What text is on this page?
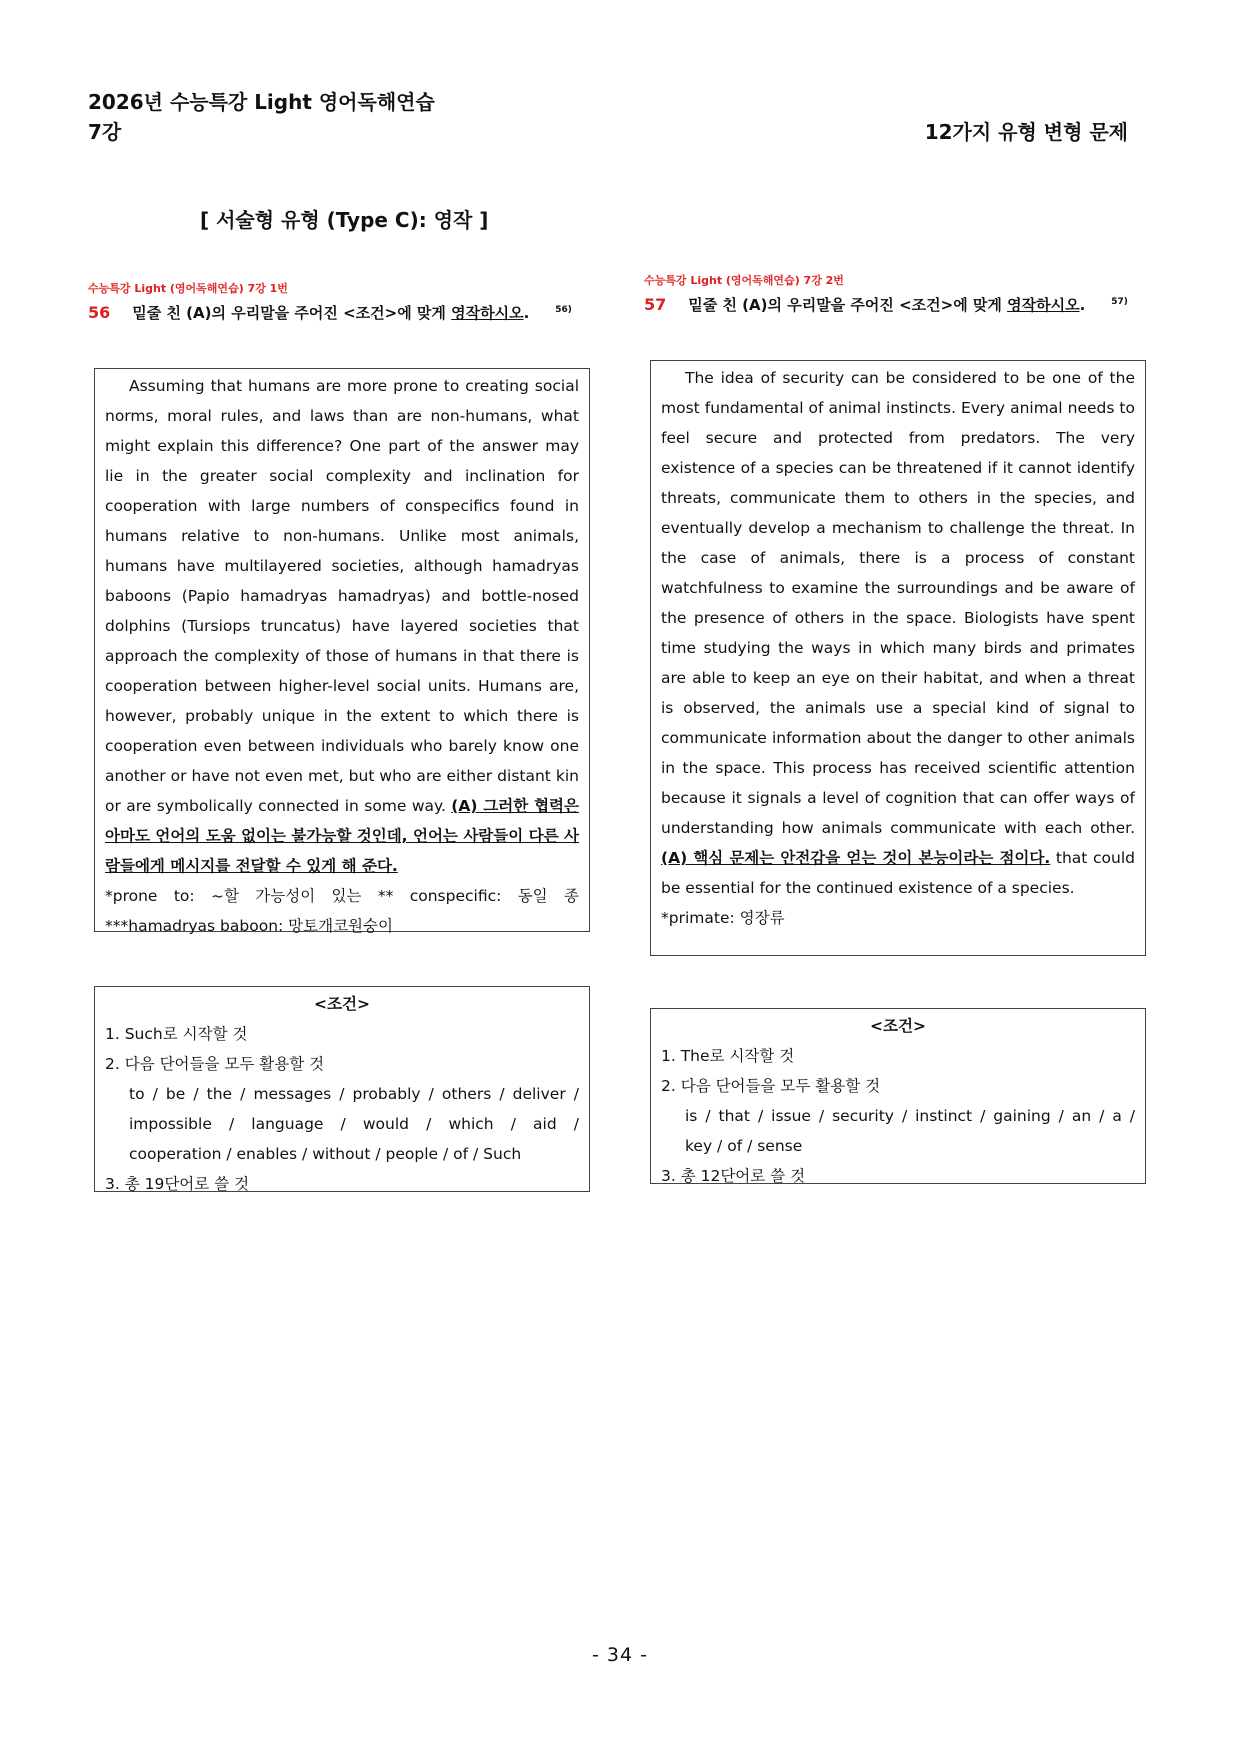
2026년 수능특강 Light 영어독해연습
7강	12가지 유형 변형 문제
[ 서술형 유형 (Type C): 영작 ]
수능특강 Light (영어독해연습) 7강 1번
56 밑줄 친 (A)의 우리말을 주어진 <조건>에 맞게 영작하시오.	$^{56)}$
Assuming that humans are more prone to creating social norms, moral rules, and laws than are non-humans, what might explain this difference? One part of the answer may lie in the greater social complexity and inclination for cooperation with large numbers of conspecifics found in humans relative to non-humans. Unlike most animals, humans have multilayered societies, although hamadryas baboons (Papio hamadryas hamadryas) and bottle-nosed dolphins (Tursiops truncatus) have layered societies that approach the complexity of those of humans in that there is cooperation between higher-level social units. Humans are, however, probably unique in the extent to which there is cooperation even between individuals who barely know one another or have not even met, but who are either distant kin or are symbolically connected in some way. (A) 그러한 협력은 아마도 언어의 도움 없이는 불가능할 것인데, 언어는 사람들이 다른 사람들에게 메시지를 전달할 수 있게 해 준다.

*prone to: ~할 가능성이 있는 ** conspecific: 동일 종
***hamadryas baboon: 망토개코원숭이
<조건>
1. Such로 시작할 것
2. 다음 단어들을 모두 활용할 것
to / be / the / messages / probably / others / deliver /
impossible / language / would / which / aid /
cooperation / enables / without / people / of / Such
3. 총 19단어로 쓸 것
수능특강 Light (영어독해연습) 7강 2번
57 밑줄 친 (A)의 우리말을 주어진 <조건>에 맞게 영작하시오.	$^{57)}$
The idea of security can be considered to be one of the most fundamental of animal instincts. Every animal needs to feel secure and protected from predators. The very existence of a species can be threatened if it cannot identify threats, communicate them to others in the species, and eventually develop a mechanism to challenge the threat. In the case of animals, there is a process of constant watchfulness to examine the surroundings and be aware of the presence of others in the space. Biologists have spent time studying the ways in which many birds and primates are able to keep an eye on their habitat, and when a threat is observed, the animals use a special kind of signal to communicate information about the danger to other animals in the space. This process has received scientific attention because it signals a level of cognition that can offer ways of understanding how animals communicate with each other. (A) 핵심 문제는 안전감을 얻는 것이 본능이라는 점이다. that could be essential for the continued existence of a species.

*primate: 영장류
<조건>
1. The로 시작할 것
2. 다음 단어들을 모두 활용할 것
is / that / issue / security / instinct / gaining / an / a /
key / of / sense
3. 총 12단어로 쓸 것
- 34 -
